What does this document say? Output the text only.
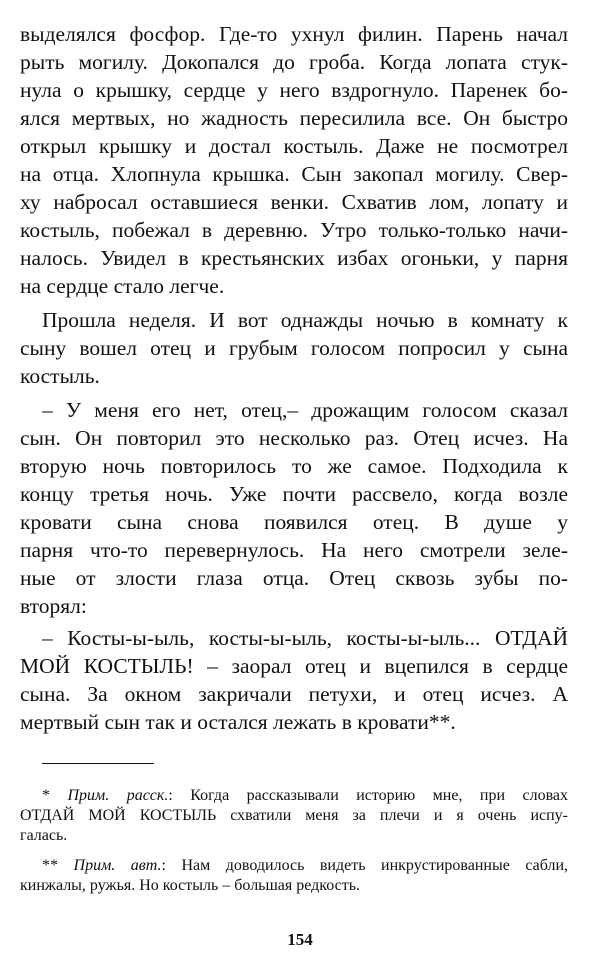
выделялся фосфор. Где-то ухнул филин. Парень начал
рыть могилу. Докопался до гроба. Когда лопата стук-
нула о крышку, сердце у него вздрогнуло. Паренек бо-
ялся мертвых, но жадность пересилила все. Он быстро
открыл крышку и достал костыль. Даже не посмотрел
на отца. Хлопнула крышка. Сын закопал могилу. Свер-
ху набросал оставшиеся венки. Схватив лом, лопату и
костыль, побежал в деревню. Утро только-только начи-
налось. Увидел в крестьянских избах огоньки, у парня
на сердце стало легче.
Прошла неделя. И вот однажды ночью в комнату к
сыну вошел отец и грубым голосом попросил у сына
костыль.
– У меня его нет, отец,– дрожащим голосом сказал
сын. Он повторил это несколько раз. Отец исчез. На
вторую ночь повторилось то же самое. Подходила к
концу третья ночь. Уже почти рассвело, когда возле
кровати сына снова появился отец. В душе у
парня что-то перевернулось. На него смотрели зеле-
ные от злости глаза отца. Отец сквозь зубы по-
вторял:
– Косты-ы-ыль, косты-ы-ыль, косты-ы-ыль... ОТДАЙ
МОЙ КОСТЫЛЬ! – заорал отец и вцепился в сердце
сына. За окном закричали петухи, и отец исчез. А
мертвый сын так и остался лежать в кровати**.
* Прим. расск.: Когда рассказывали историю мне, при словах
ОТДАЙ МОЙ КОСТЫЛЬ схватили меня за плечи и я очень испу-
галась.
** Прим. авт.: Нам доводилось видеть инкрустированные сабли,
кинжалы, ружья. Но костыль – большая редкость.
154
